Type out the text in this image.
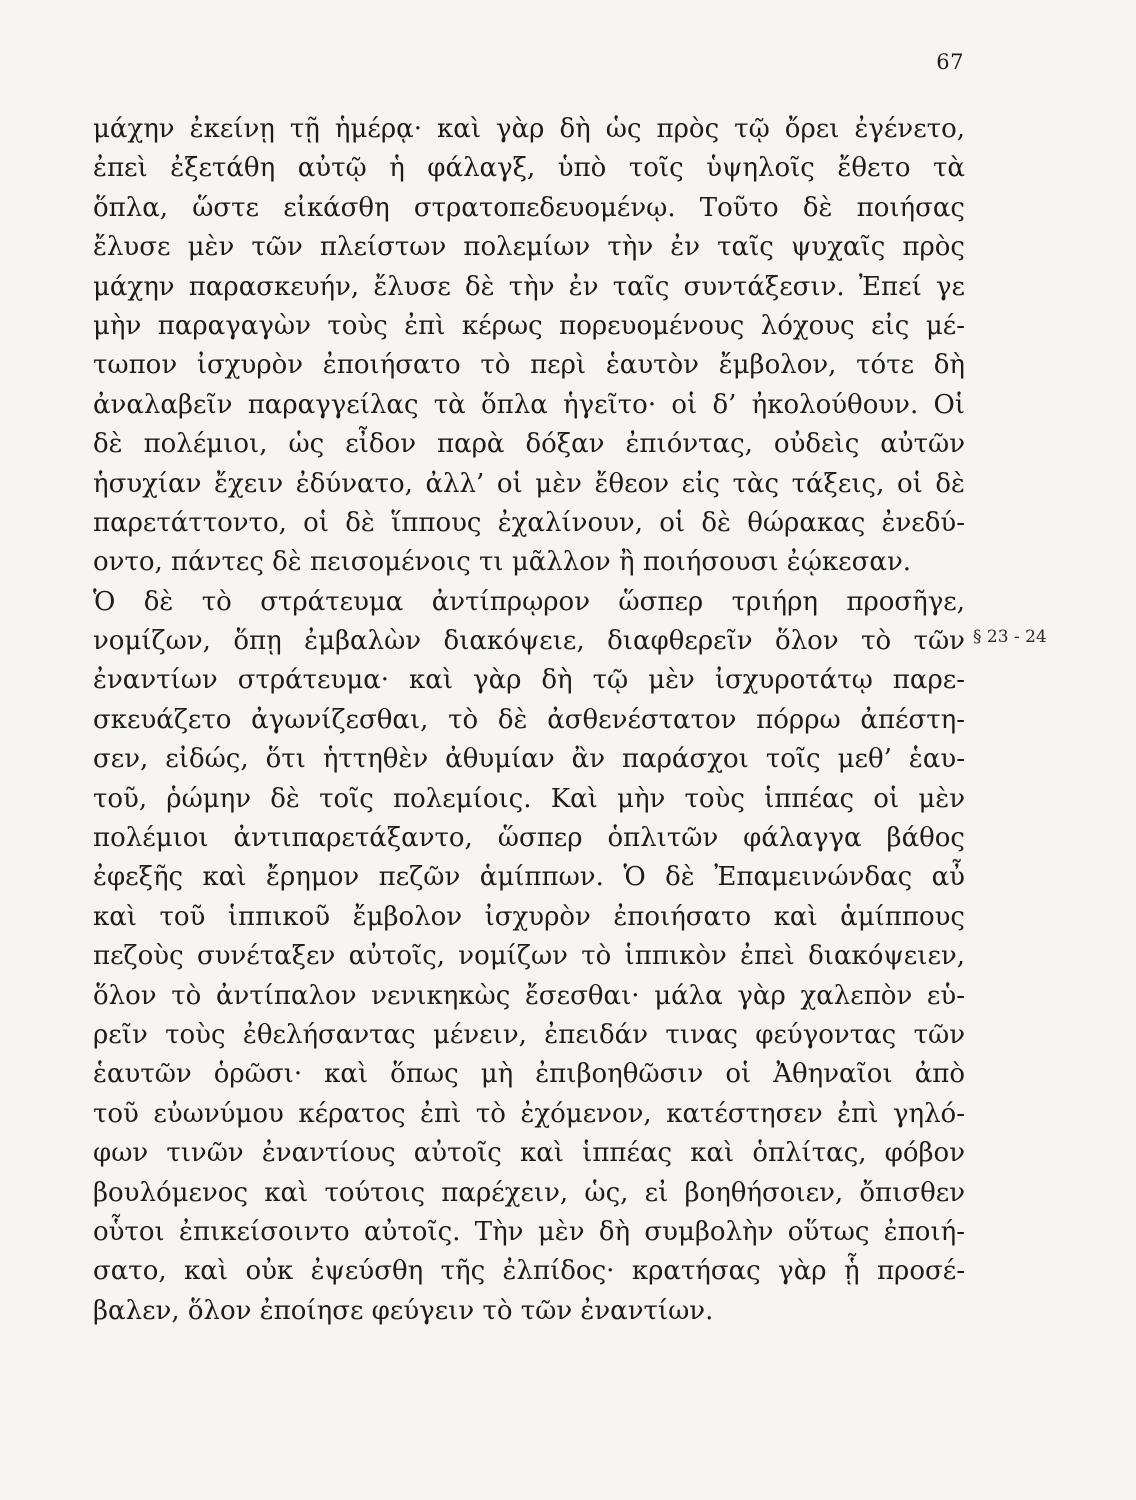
67
μάχην ἐκείνῃ τῇ ἡμέρᾳ· καὶ γὰρ δὴ ὡς πρὸς τῷ ὄρει ἐγένετο,
ἐπεὶ ἐξετάθη αὐτῷ ἡ φάλαγξ, ὑπὸ τοῖς ὑψηλοῖς ἔθετο τὰ
ὅπλα, ὥστε εἰκάσθη στρατοπεδευομένῳ. Τοῦτο δὲ ποιήσας
ἔλυσε μὲν τῶν πλείστων πολεμίων τὴν ἐν ταῖς ψυχαῖς πρὸς
μάχην παρασκευήν, ἔλυσε δὲ τὴν ἐν ταῖς συντάξεσιν. Ἐπεί γε
μὴν παραγαγὼν τοὺς ἐπὶ κέρως πορευομένους λόχους εἰς μέ-
τωπον ἰσχυρὸν ἐποιήσατο τὸ περὶ ἑαυτὸν ἔμβολον, τότε δὴ
ἀναλαβεῖν παραγγείλας τὰ ὅπλα ἡγεῖτο· οἱ δ’ ἠκολούθουν. Οἱ
δὲ πολέμιοι, ὡς εἶδον παρὰ δόξαν ἐπιόντας, οὐδεὶς αὐτῶν
ἡσυχίαν ἔχειν ἐδύνατο, ἀλλ’ οἱ μὲν ἔθεον εἰς τὰς τάξεις, οἱ δὲ
παρετάττοντο, οἱ δὲ ἵππους ἐχαλίνουν, οἱ δὲ θώρακας ἐνεδύ-
οντο, πάντες δὲ πεισομένοις τι μᾶλλον ἢ ποιήσουσι ἐῴκεσαν.
Ὁ δὲ τὸ στράτευμα ἀντίπρῳρον ὥσπερ τριήρη προσῆγε,
νομίζων, ὅπῃ ἐμβαλὼν διακόψειε, διαφθερεῖν ὅλον τὸ τῶν
ἐναντίων στράτευμα· καὶ γὰρ δὴ τῷ μὲν ἰσχυροτάτῳ παρε-
σκευάζετο ἀγωνίζεσθαι, τὸ δὲ ἀσθενέστατον πόρρω ἀπέστη-
σεν, εἰδώς, ὅτι ἡττηθὲν ἀθυμίαν ἂν παράσχοι τοῖς μεθ’ ἑαυ-
τοῦ, ῥώμην δὲ τοῖς πολεμίοις. Καὶ μὴν τοὺς ἱππέας οἱ μὲν
πολέμιοι ἀντιπαρετάξαντο, ὥσπερ ὁπλιτῶν φάλαγγα βάθος
ἐφεξῆς καὶ ἔρημον πεζῶν ἁμίππων. Ὁ δὲ Ἐπαμεινώνδας αὖ
καὶ τοῦ ἱππικοῦ ἔμβολον ἰσχυρὸν ἐποιήσατο καὶ ἁμίππους
πεζοὺς συνέταξεν αὐτοῖς, νομίζων τὸ ἱππικὸν ἐπεὶ διακόψειεν,
ὅλον τὸ ἀντίπαλον νενικηκὼς ἔσεσθαι· μάλα γὰρ χαλεπὸν εὑ-
ρεῖν τοὺς ἐθελήσαντας μένειν, ἐπειδάν τινας φεύγοντας τῶν
ἑαυτῶν ὁρῶσι· καὶ ὅπως μὴ ἐπιβοηθῶσιν οἱ Ἀθηναῖοι ἀπὸ
τοῦ εὐωνύμου κέρατος ἐπὶ τὸ ἐχόμενον, κατέστησεν ἐπὶ γηλό-
φων τινῶν ἐναντίους αὐτοῖς καὶ ἱππέας καὶ ὁπλίτας, φόβον
βουλόμενος καὶ τούτοις παρέχειν, ὡς, εἰ βοηθήσοιεν, ὄπισθεν
οὗτοι ἐπικείσοιντο αὐτοῖς. Τὴν μὲν δὴ συμβολὴν οὕτως ἐποιή-
σατο, καὶ οὐκ ἐψεύσθη τῆς ἐλπίδος· κρατήσας γὰρ ᾗ προσέ-
βαλεν, ὅλον ἐποίησε φεύγειν τὸ τῶν ἐναντίων.
§ 23 - 24
